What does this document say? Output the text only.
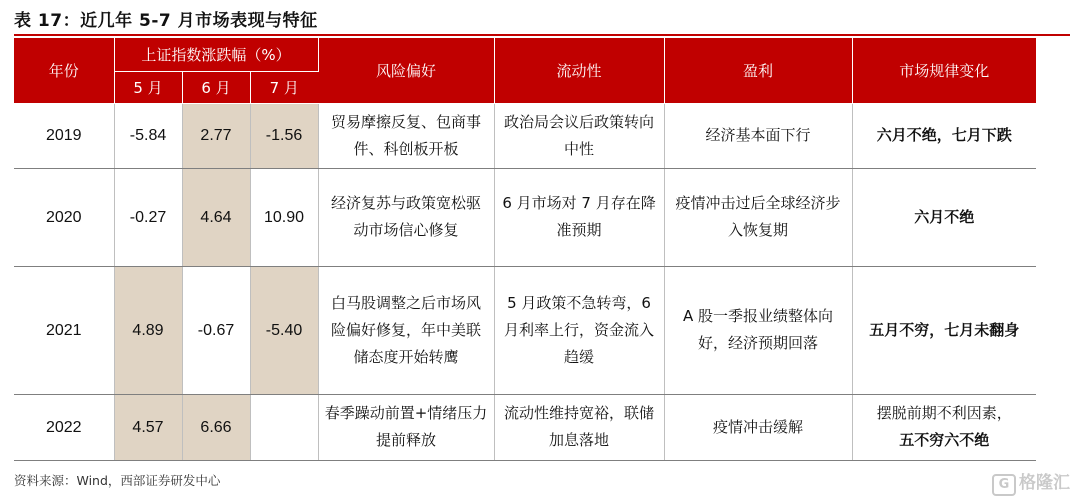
表 17：近几年 5-7 月市场表现与特征
年份	上证指数涨跌幅（%）			风险偏好	流动性	盈利	市场规律变化
	5 月	6 月	7 月				
2019	-5.84	2.77	-1.56	贸易摩擦反复、包商事件、科创板开板	政治局会议后政策转向中性	经济基本面下行	六月不绝，七月下跌
2020	-0.27	4.64	10.90	经济复苏与政策宽松驱动市场信心修复	6 月市场对 7 月存在降准预期	疫情冲击过后全球经济步入恢复期	六月不绝
2021	4.89	-0.67	-5.40	白马股调整之后市场风险偏好修复，年中美联储态度开始转鹰	5 月政策不急转弯，6 月利率上行，资金流入趋缓	A 股一季报业绩整体向好，经济预期回落	五月不穷，七月未翻身
2022	4.57	6.66		春季躁动前置+情绪压力提前释放	流动性维持宽裕，联储加息落地	疫情冲击缓解	摆脱前期不利因素，
五不穷六不绝
资料来源：Wind，西部证券研发中心	G 格隆汇
